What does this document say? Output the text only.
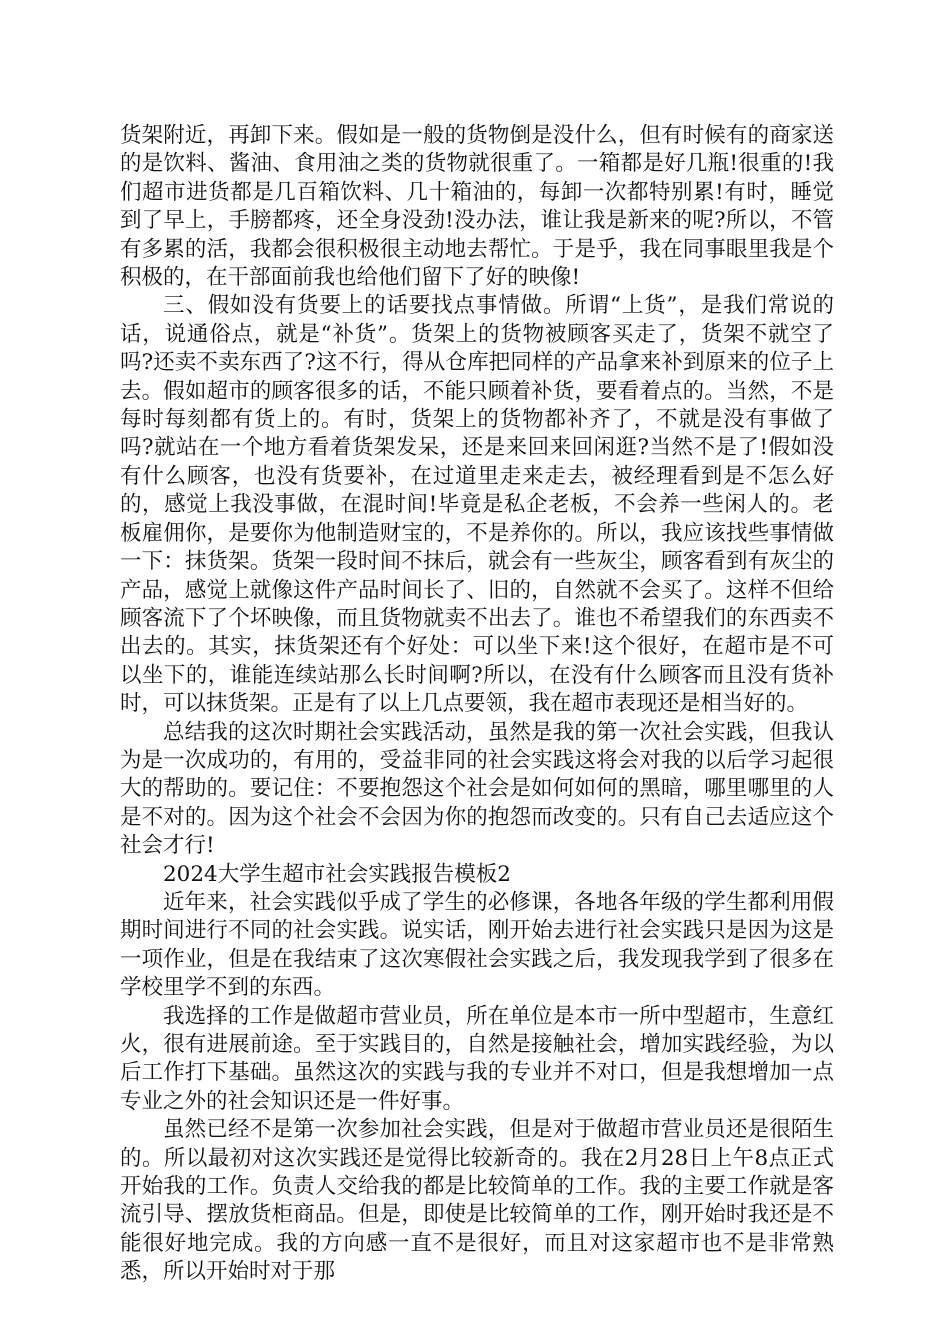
货架附近，再卸下来。假如是一般的货物倒是没什么，但有时候有的商家送的是饮料、酱油、食用油之类的货物就很重了。一箱都是好几瓶!很重的!我们超市进货都是几百箱饮料、几十箱油的，每卸一次都特别累!有时，睡觉到了早上，手膀都疼，还全身没劲!没办法，谁让我是新来的呢?所以，不管有多累的活，我都会很积极很主动地去帮忙。于是乎，我在同事眼里我是个积极的，在干部面前我也给他们留下了好的映像!

三、假如没有货要上的话要找点事情做。所谓“上货”，是我们常说的话，说通俗点，就是“补货”。货架上的货物被顾客买走了，货架不就空了吗?还卖不卖东西了?这不行，得从仓库把同样的产品拿来补到原来的位子上去。假如超市的顾客很多的话，不能只顾着补货，要看着点的。当然，不是每时每刻都有货上的。有时，货架上的货物都补齐了，不就是没有事做了吗?就站在一个地方看着货架发呆，还是来回来回闲逛?当然不是了!假如没有什么顾客，也没有货要补，在过道里走来走去，被经理看到是不怎么好的，感觉上我没事做，在混时间!毕竟是私企老板，不会养一些闲人的。老板雇佣你，是要你为他制造财宝的，不是养你的。所以，我应该找些事情做一下：抹货架。货架一段时间不抹后，就会有一些灰尘，顾客看到有灰尘的产品，感觉上就像这件产品时间长了、旧的，自然就不会买了。这样不但给顾客流下了个坏映像，而且货物就卖不出去了。谁也不希望我们的东西卖不出去的。其实，抹货架还有个好处：可以坐下来!这个很好，在超市是不可以坐下的，谁能连续站那么长时间啊?所以，在没有什么顾客而且没有货补时，可以抹货架。正是有了以上几点要领，我在超市表现还是相当好的。

总结我的这次时期社会实践活动，虽然是我的第一次社会实践，但我认为是一次成功的，有用的，受益非同的社会实践这将会对我的以后学习起很大的帮助的。要记住：不要抱怨这个社会是如何如何的黑暗，哪里哪里的人是不对的。因为这个社会不会因为你的抱怨而改变的。只有自己去适应这个社会才行!

2024大学生超市社会实践报告模板2

近年来，社会实践似乎成了学生的必修课，各地各年级的学生都利用假期时间进行不同的社会实践。说实话，刚开始去进行社会实践只是因为这是一项作业，但是在我结束了这次寒假社会实践之后，我发现我学到了很多在学校里学不到的东西。

我选择的工作是做超市营业员，所在单位是本市一所中型超市，生意红火，很有进展前途。至于实践目的，自然是接触社会，增加实践经验，为以后工作打下基础。虽然这次的实践与我的专业并不对口，但是我想增加一点专业之外的社会知识还是一件好事。

虽然已经不是第一次参加社会实践，但是对于做超市营业员还是很陌生的。所以最初对这次实践还是觉得比较新奇的。我在2月28日上午8点正式开始我的工作。负责人交给我的都是比较简单的工作。我的主要工作就是客流引导、摆放货柜商品。但是，即使是比较简单的工作，刚开始时我还是不能很好地完成。我的方向感一直不是很好，而且对这家超市也不是非常熟悉，所以开始时对于那
